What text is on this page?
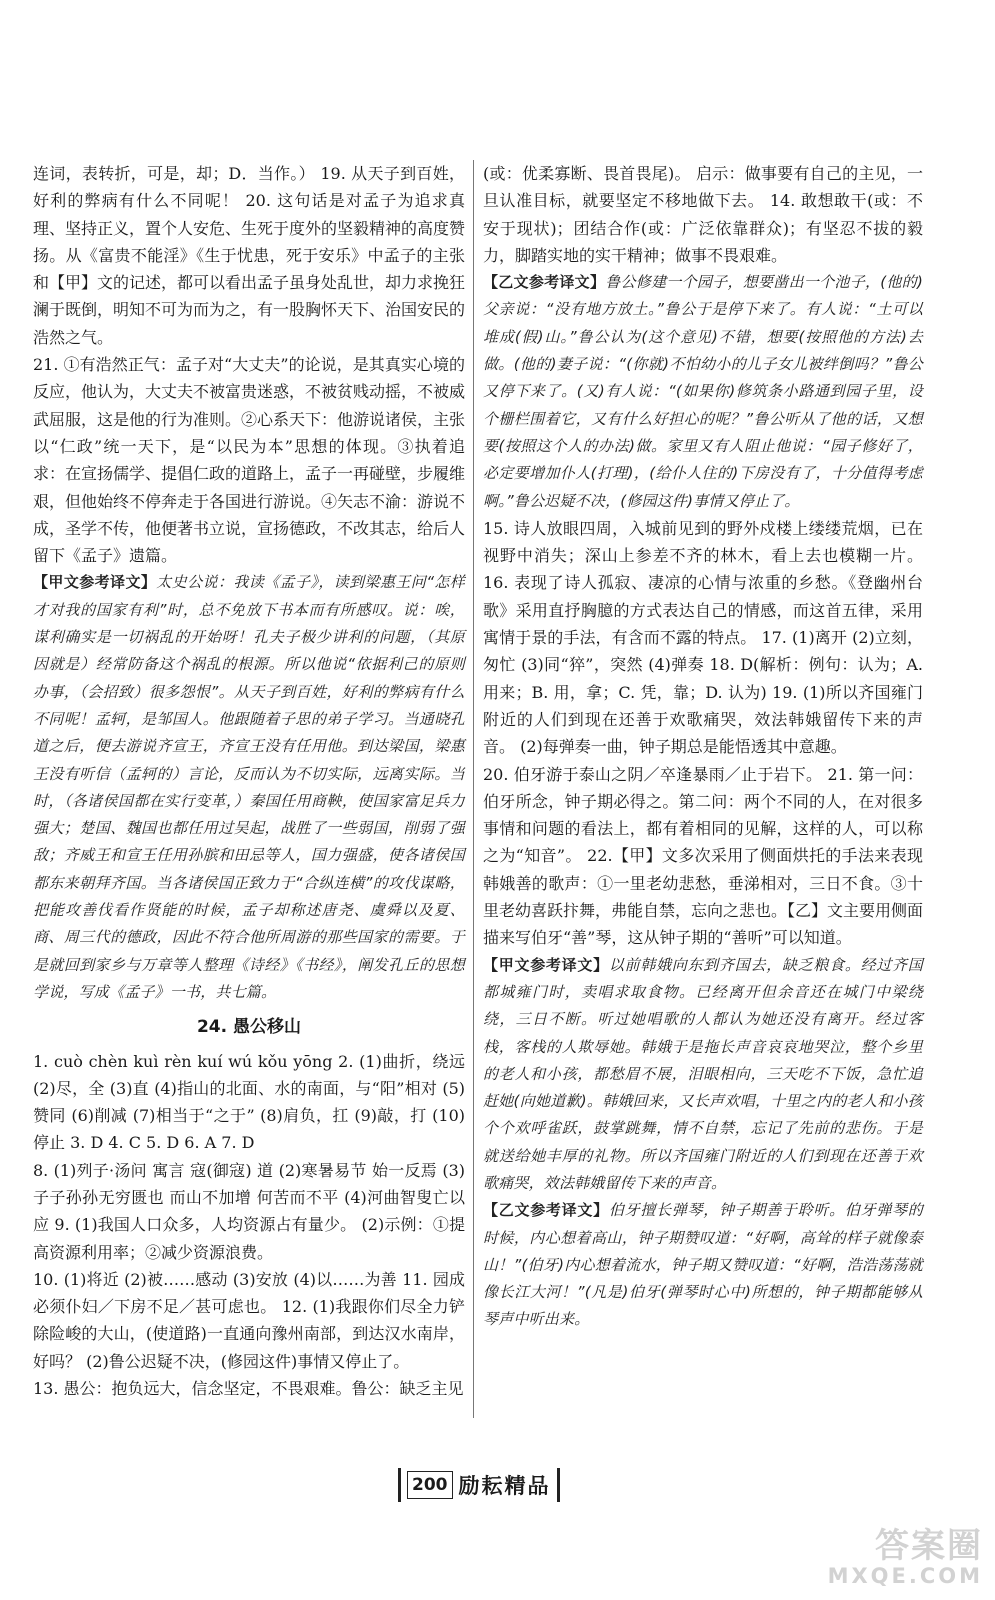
连词，表转折，可是，却；D．当作。） 19. 从天子到百姓，好利的弊病有什么不同呢！ 20. 这句话是对孟子为追求真理、坚持正义，置个人安危、生死于度外的坚毅精神的高度赞扬。从《富贵不能淫》《生于忧患，死于安乐》中孟子的主张和【甲】文的记述，都可以看出孟子虽身处乱世，却力求挽狂澜于既倒，明知不可为而为之，有一股胸怀天下、治国安民的浩然之气。

21. ①有浩然正气：孟子对“大丈夫”的论说，是其真实心境的反应，他认为，大丈夫不被富贵迷惑，不被贫贱动摇，不被威武屈服，这是他的行为准则。②心系天下：他游说诸侯，主张以“仁政”统一天下，是“以民为本”思想的体现。③执着追求：在宣扬儒学、提倡仁政的道路上，孟子一再碰壁，步履维艰，但他始终不停奔走于各国进行游说。④矢志不渝：游说不成，圣学不传，他便著书立说，宣扬德政，不改其志，给后人留下《孟子》遗篇。

【甲文参考译文】太史公说：我读《孟子》，读到梁惠王问“怎样才对我的国家有利”时，总不免放下书本而有所感叹。说：唉，谋利确实是一切祸乱的开始呀！孔夫子极少讲利的问题，（其原因就是）经常防备这个祸乱的根源。所以他说“依据利己的原则办事，（会招致）很多怨恨”。从天子到百姓，好利的弊病有什么不同呢！孟轲，是邹国人。他跟随着子思的弟子学习。当通晓孔道之后，便去游说齐宣王，齐宣王没有任用他。到达梁国，梁惠王没有听信（孟轲的）言论，反而认为不切实际，远离实际。当时，（各诸侯国都在实行变革，）秦国任用商鞅，使国家富足兵力强大；楚国、魏国也都任用过吴起，战胜了一些弱国，削弱了强敌；齐威王和宣王任用孙膑和田忌等人，国力强盛，使各诸侯国都东来朝拜齐国。当各诸侯国正致力于“合纵连横”的攻伐谋略，把能攻善伐看作贤能的时候，孟子却称述唐尧、虞舜以及夏、商、周三代的德政，因此不符合他所周游的那些国家的需要。于是就回到家乡与万章等人整理《诗经》《书经》，阐发孔丘的思想学说，写成《孟子》一书，共七篇。

24. 愚公移山

1. cuò chèn kuì rèn kuí wú kǒu yōng 2. (1)曲折，绕远 (2)尽，全 (3)直 (4)指山的北面、水的南面，与“阳”相对 (5)赞同 (6)削减 (7)相当于“之于” (8)肩负，扛 (9)敲，打 (10)停止 3. D 4. C 5. D 6. A 7. D

8. (1)列子·汤问 寓言 寇(御寇) 道 (2)寒暑易节 始一反焉 (3)子子孙孙无穷匮也 而山不加增 何苦而不平 (4)河曲智叟亡以应 9. (1)我国人口众多，人均资源占有量少。 (2)示例：①提高资源利用率；②减少资源浪费。

10. (1)将近 (2)被……感动 (3)安放 (4)以……为善 11. 园成必须仆妇／下房不足／甚可虑也。 12. (1)我跟你们尽全力铲除险峻的大山，(使道路)一直通向豫州南部，到达汉水南岸，好吗？ (2)鲁公迟疑不决，(修园这件)事情又停止了。

13. 愚公：抱负远大，信念坚定，不畏艰难。鲁公：缺乏主见

(或：优柔寡断、畏首畏尾)。 启示：做事要有自己的主见，一旦认准目标，就要坚定不移地做下去。 14. 敢想敢干(或：不安于现状)；团结合作(或：广泛依靠群众)；有坚忍不拔的毅力，脚踏实地的实干精神；做事不畏艰难。

【乙文参考译文】鲁公修建一个园子，想要凿出一个池子，(他的)父亲说：“没有地方放土。”鲁公于是停下来了。有人说：“土可以堆成(假)山。”鲁公认为(这个意见)不错，想要(按照他的方法)去做。(他的)妻子说：“(你就)不怕幼小的儿子女儿被绊倒吗？”鲁公又停下来了。(又)有人说：“(如果你)修筑条小路通到园子里，设个栅栏围着它，又有什么好担心的呢？”鲁公听从了他的话，又想要(按照这个人的办法)做。家里又有人阻止他说：“园子修好了，必定要增加仆人(打理)，(给仆人住的)下房没有了，十分值得考虑啊。”鲁公迟疑不决，(修园这件)事情又停止了。

15. 诗人放眼四周，入城前见到的野外戍楼上缕缕荒烟，已在视野中消失；深山上参差不齐的林木，看上去也模糊一片。 16. 表现了诗人孤寂、凄凉的心情与浓重的乡愁。《登幽州台歌》采用直抒胸臆的方式表达自己的情感，而这首五律，采用寓情于景的手法，有含而不露的特点。 17. (1)离开 (2)立刻，匆忙 (3)同“猝”，突然 (4)弹奏 18. D(解析：例句：认为；A. 用来；B. 用，拿；C. 凭，靠；D. 认为) 19. (1)所以齐国雍门附近的人们到现在还善于欢歌痛哭，效法韩娥留传下来的声音。 (2)每弹奏一曲，钟子期总是能悟透其中意趣。

20. 伯牙游于泰山之阴／卒逢暴雨／止于岩下。 21. 第一问：伯牙所念，钟子期必得之。第二问：两个不同的人，在对很多事情和问题的看法上，都有着相同的见解，这样的人，可以称之为“知音”。 22.【甲】文多次采用了侧面烘托的手法来表现韩娥善的歌声：①一里老幼悲愁，垂涕相对，三日不食。③十里老幼喜跃抃舞，弗能自禁，忘向之悲也。【乙】文主要用侧面描来写伯牙“善”琴，这从钟子期的“善听”可以知道。

【甲文参考译文】以前韩娥向东到齐国去，缺乏粮食。经过齐国都城雍门时，卖唱求取食物。已经离开但余音还在城门中梁绕绕，三日不断。听过她唱歌的人都认为她还没有离开。经过客栈，客栈的人欺辱她。韩娥于是拖长声音哀哀地哭泣，整个乡里的老人和小孩，都愁眉不展，泪眼相向，三天吃不下饭，急忙追赶她(向她道歉)。韩娥回来，又长声欢唱，十里之内的老人和小孩个个欢呼雀跃，鼓掌跳舞，情不自禁，忘记了先前的悲伤。于是就送给她丰厚的礼物。所以齐国雍门附近的人们到现在还善于欢歌痛哭，效法韩娥留传下来的声音。

【乙文参考译文】伯牙擅长弹琴，钟子期善于聆听。伯牙弹琴的时候，内心想着高山，钟子期赞叹道：“好啊，高耸的样子就像泰山！”(伯牙)内心想着流水，钟子期又赞叹道：“好啊，浩浩荡荡就像长江大河！”(凡是)伯牙(弹琴时心中)所想的，钟子期都能够从琴声中听出来。

200 励耘精品
答案圈
MXQE.COM
